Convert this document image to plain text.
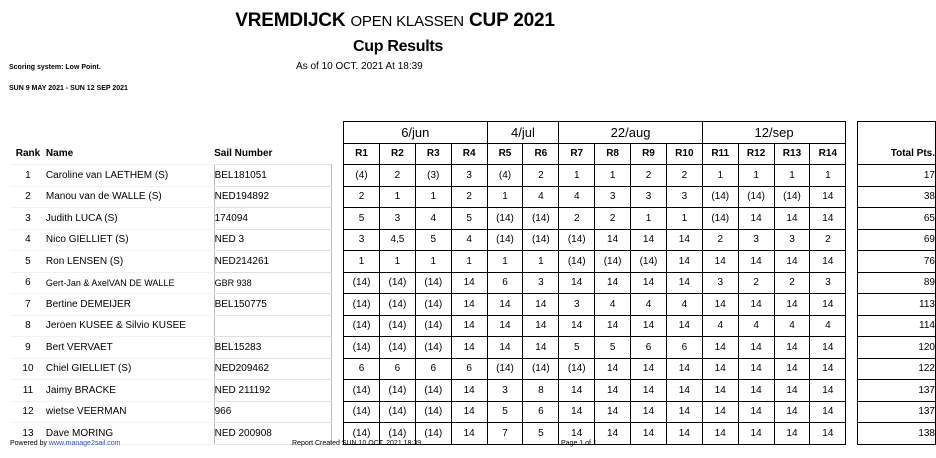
VREMDIJCK OPEN KLASSEN CUP 2021
Cup Results
Scoring system: Low Point.	As of 10 OCT. 2021 At 18:39
SUN 9 MAY 2021 - SUN 12 SEP 2021
				6/jun				4/jul		22/aug				12/sep					
Rank	Name	Sail Number		R1	R2	R3	R4	R5	R6	R7	R8	R9	R10	R11	R12	R13	R14		Total Pts.
1	Caroline van LAETHEM (S)	BEL181051		(4)	2	(3)	3	(4)	2	1	1	2	2	1	1	1	1		17
2	Manou van de WALLE (S)	NED194892		2	1	1	2	1	4	4	3	3	3	(14)	(14)	(14)	14		38
3	Judith LUCA (S)	174094		5	3	4	5	(14)	(14)	2	2	1	1	(14)	14	14	14		65
4	Nico GIELLIET (S)	NED 3		3	4,5	5	4	(14)	(14)	(14)	14	14	14	2	3	3	2		69
5	Ron LENSEN (S)	NED214261		1	1	1	1	1	1	(14)	(14)	(14)	14	14	14	14	14		76
6	Gert-Jan & AxelVAN DE WALLE	GBR 938		(14)	(14)	(14)	14	6	3	14	14	14	14	3	2	2	3		89
7	Bertine DEMEIJER	BEL150775		(14)	(14)	(14)	14	14	14	3	4	4	4	14	14	14	14		113
8	Jeroen KUSEE & Silvio KUSEE			(14)	(14)	(14)	14	14	14	14	14	14	14	4	4	4	4		114
9	Bert VERVAET	BEL15283		(14)	(14)	(14)	14	14	14	5	5	6	6	14	14	14	14		120
10	Chiel GIELLIET (S)	NED209462		6	6	6	6	(14)	(14)	(14)	14	14	14	14	14	14	14		122
11	Jaimy BRACKE	NED 211192		(14)	(14)	(14)	14	3	8	14	14	14	14	14	14	14	14		137
12	wietse VEERMAN	966		(14)	(14)	(14)	14	5	6	14	14	14	14	14	14	14	14		137
13	Dave MORING	NED 200908		(14)	(14)	(14)	14	7	5	14	14	14	14	14	14	14	14		138
Powered by www.manage2sail.com	Report Created SUN 10 OCT. 2021 18:39	Page 1 of 1
